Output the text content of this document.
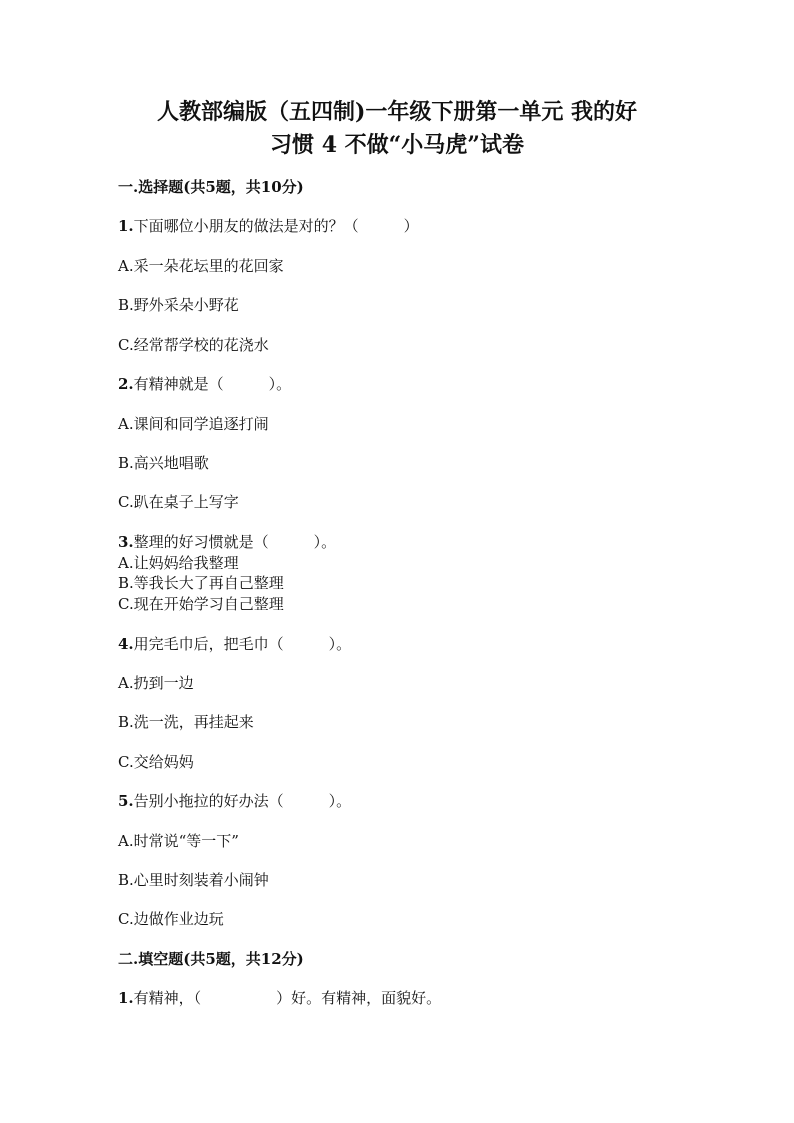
人教部编版（五四制)一年级下册第一单元 我的好
习惯 4 不做“小马虎”试卷
一.选择题(共5题，共10分)
1.下面哪位小朋友的做法是对的？（　　　）
A.采一朵花坛里的花回家
B.野外采朵小野花
C.经常帮学校的花浇水
2.有精神就是（　　　）。
A.课间和同学追逐打闹
B.高兴地唱歌
C.趴在桌子上写字
3.整理的好习惯就是（　　　）。
A.让妈妈给我整理
B.等我长大了再自己整理
C.现在开始学习自己整理
4.用完毛巾后，把毛巾（　　　）。
A.扔到一边
B.洗一洗，再挂起来
C.交给妈妈
5.告别小拖拉的好办法（　　　）。
A.时常说“等一下”
B.心里时刻装着小闹钟
C.边做作业边玩
二.填空题(共5题，共12分)
1.有精神，（　　　　　）好。有精神，面貌好。
